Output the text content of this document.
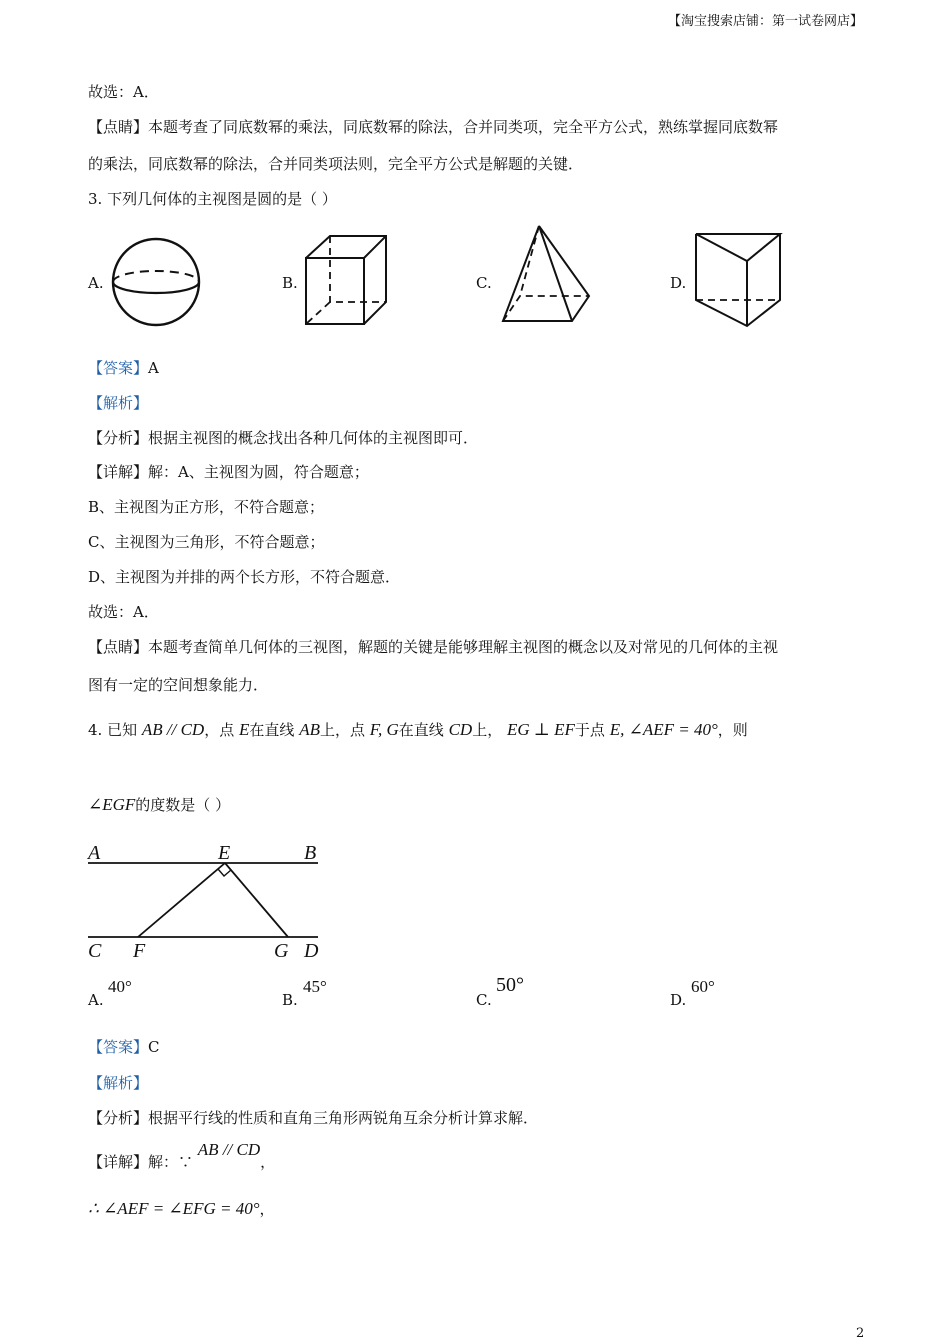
【淘宝搜索店铺：第一试卷网店】
故选：A．
【点睛】本题考查了同底数幂的乘法，同底数幂的除法，合并同类项，完全平方公式，熟练掌握同底数幂
的乘法，同底数幂的除法，合并同类项法则，完全平方公式是解题的关键．
3. 下列几何体的主视图是圆的是（ ）
A.	B.	C.	D.
【答案】A
【解析】
【分析】根据主视图的概念找出各种几何体的主视图即可．
【详解】解：A、主视图为圆，符合题意；
B、主视图为正方形，不符合题意；
C、主视图为三角形，不符合题意；
D、主视图为并排的两个长方形，不符合题意．
故选：A．
【点睛】本题考查简单几何体的三视图，解题的关键是能够理解主视图的概念以及对常见的几何体的主视
图有一定的空间想象能力．
4. 已知 AB // CD，点 E在直线 AB上，点 F, G在直线 CD上， EG ⊥ EF于点 E, ∠AEF = 40°，则
∠EGF的度数是（ ）
A	E	B
C F	G D
A.
40°
B.
45°
C.
50°
D.
60°
【答案】C
【解析】
【分析】根据平行线的性质和直角三角形两锐角互余分析计算求解．
【详解】解：∵ AB // CD，
∴ ∠AEF = ∠EFG = 40°，
2
